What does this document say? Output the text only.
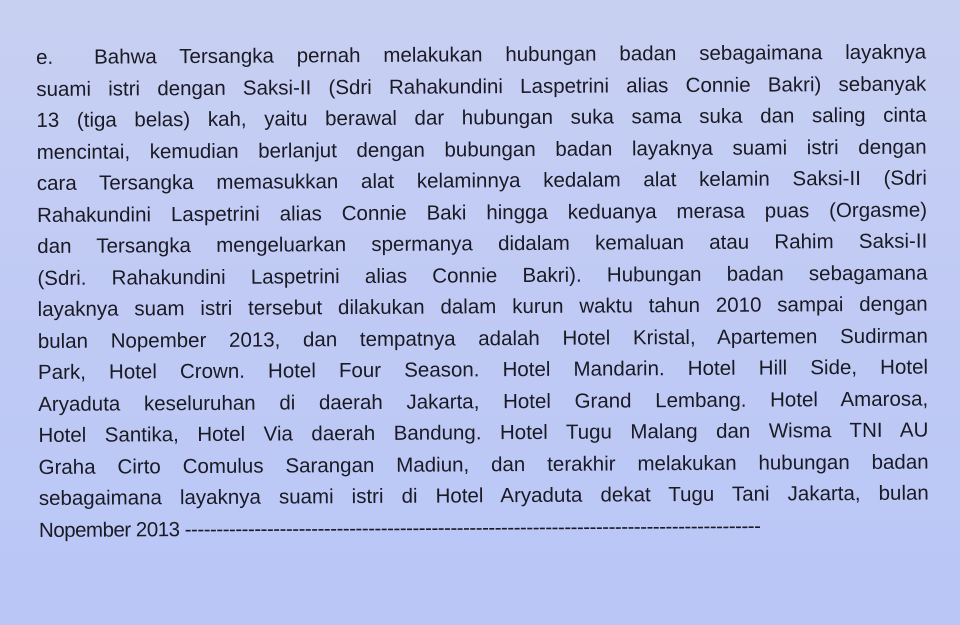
e. Bahwa Tersangka pernah melakukan hubungan badan sebagaimana layaknya
suami istri dengan Saksi-II (Sdri Rahakundini Laspetrini alias Connie Bakri) sebanyak
13 (tiga belas) kah, yaitu berawal dar hubungan suka sama suka dan saling cinta
mencintai, kemudian berlanjut dengan bubungan badan layaknya suami istri dengan
cara Tersangka memasukkan alat kelaminnya kedalam alat kelamin Saksi-II (Sdri
Rahakundini Laspetrini alias Connie Baki hingga keduanya merasa puas (Orgasme)
dan Tersangka mengeluarkan spermanya didalam kemaluan atau Rahim Saksi-II
(Sdri. Rahakundini Laspetrini alias Connie Bakri). Hubungan badan sebagamana
layaknya suam istri tersebut dilakukan dalam kurun waktu tahun 2010 sampai dengan
bulan Nopember 2013, dan tempatnya adalah Hotel Kristal, Apartemen Sudirman
Park, Hotel Crown. Hotel Four Season. Hotel Mandarin. Hotel Hill Side, Hotel
Aryaduta keseluruhan di daerah Jakarta, Hotel Grand Lembang. Hotel Amarosa,
Hotel Santika, Hotel Via daerah Bandung. Hotel Tugu Malang dan Wisma TNI AU
Graha Cirto Comulus Sarangan Madiun, dan terakhir melakukan hubungan badan
sebagaimana layaknya suami istri di Hotel Aryaduta dekat Tugu Tani Jakarta, bulan
Nopember 2013 -------------------------------------------------------------------------------------------
